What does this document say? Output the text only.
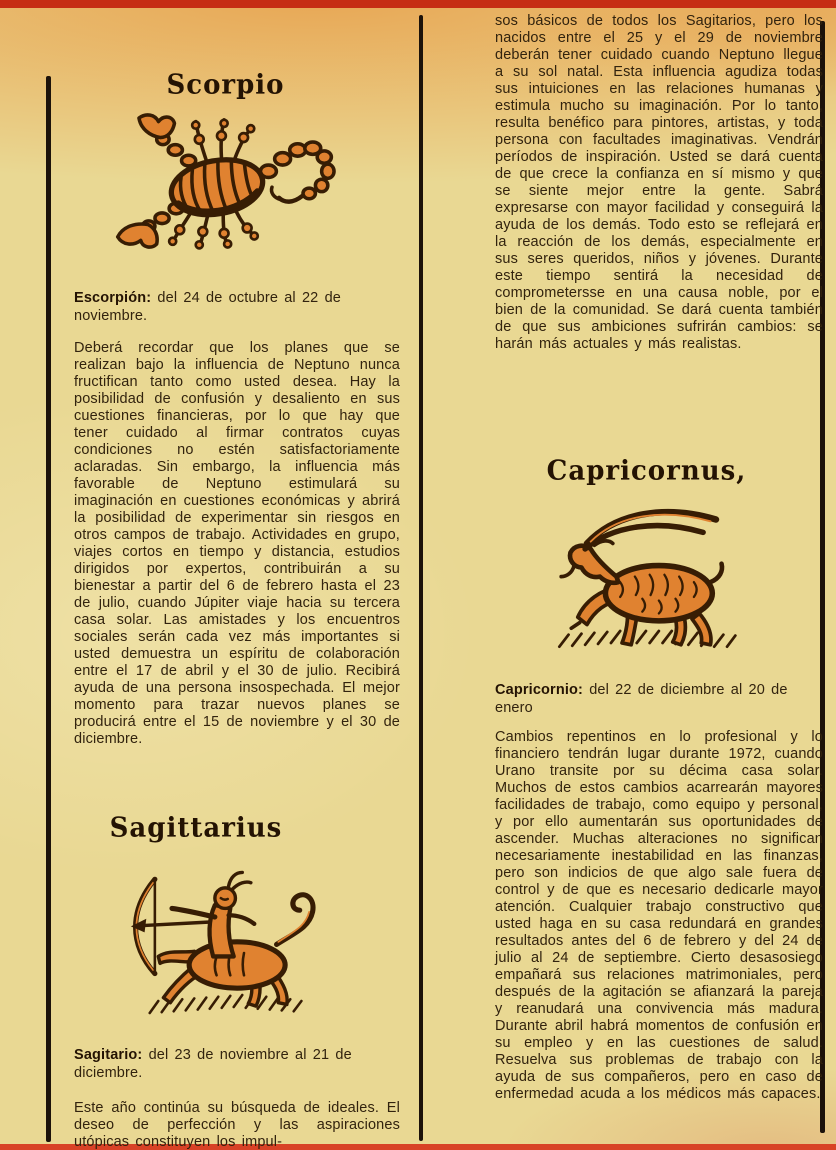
Scorpio

Escorpión: del 24 de octubre al 22 de noviembre.

Deberá recordar que los planes que se realizan bajo la influencia de Neptuno nunca fructifican tanto como usted desea. Hay la posibilidad de confusión y desaliento en sus cuestiones financieras, por lo que hay que tener cuidado al firmar contratos cuyas condiciones no estén satisfactoriamente aclaradas. Sin embargo, la influencia más favorable de Neptuno estimulará su imaginación en cuestiones económicas y abrirá la posibilidad de experimentar sin riesgos en otros campos de trabajo. Actividades en grupo, viajes cortos en tiempo y distancia, estudios dirigidos por expertos, contribuirán a su bienestar a partir del 6 de febrero hasta el 23 de julio, cuando Júpiter viaje hacia su tercera casa solar. Las amistades y los encuentros sociales serán cada vez más importantes si usted demuestra un espíritu de colaboración entre el 17 de abril y el 30 de julio. Recibirá ayuda de una persona insospechada. El mejor momento para trazar nuevos planes se producirá entre el 15 de noviembre y el 30 de diciembre.

Sagittarius

Sagitario: del 23 de noviembre al 21 de diciembre.

Este año continúa su búsqueda de ideales. El deseo de perfección y las aspiraciones utópicas constituyen los impul-

sos básicos de todos los Sagitarios, pero los nacidos entre el 25 y el 29 de noviembre deberán tener cuidado cuando Neptuno llegue a su sol natal. Esta influencia agudiza todas sus intuiciones en las relaciones humanas y estimula mucho su imaginación. Por lo tanto, resulta benéfico para pintores, artistas, y toda persona con facultades imaginativas. Vendrán períodos de inspiración. Usted se dará cuenta de que crece la confianza en sí mismo y que se siente mejor entre la gente. Sabrá expresarse con mayor facilidad y conseguirá la ayuda de los demás. Todo esto se reflejará en la reacción de los demás, especialmente en sus seres queridos, niños y jóvenes. Durante este tiempo sentirá la necesidad de comprometersse en una causa noble, por el bien de la comunidad. Se dará cuenta también de que sus ambiciones sufrirán cambios: se harán más actuales y más realistas.

Capricornus,

Capricornio: del 22 de diciembre al 20 de enero

Cambios repentinos en lo profesional y lo financiero tendrán lugar durante 1972, cuando Urano transite por su décima casa solar. Muchos de estos cambios acarrearán mayores facilidades de trabajo, como equipo y personal, y por ello aumentarán sus oportunidades de ascender. Muchas alteraciones no significan necesariamente inestabilidad en las finanzas, pero son indicios de que algo sale fuera de control y de que es necesario dedicarle mayor atención. Cualquier trabajo constructivo que usted haga en su casa redundará en grandes resultados antes del 6 de febrero y del 24 de julio al 24 de septiembre. Cierto desasosiego empañará sus relaciones matrimoniales, pero después de la agitación se afianzará la pareja y reanudará una convivencia más madura. Durante abril habrá momentos de confusión en su empleo y en las cuestiones de salud. Resuelva sus problemas de trabajo con la ayuda de sus compañeros, pero en caso de enfermedad acuda a los médicos más capaces.
